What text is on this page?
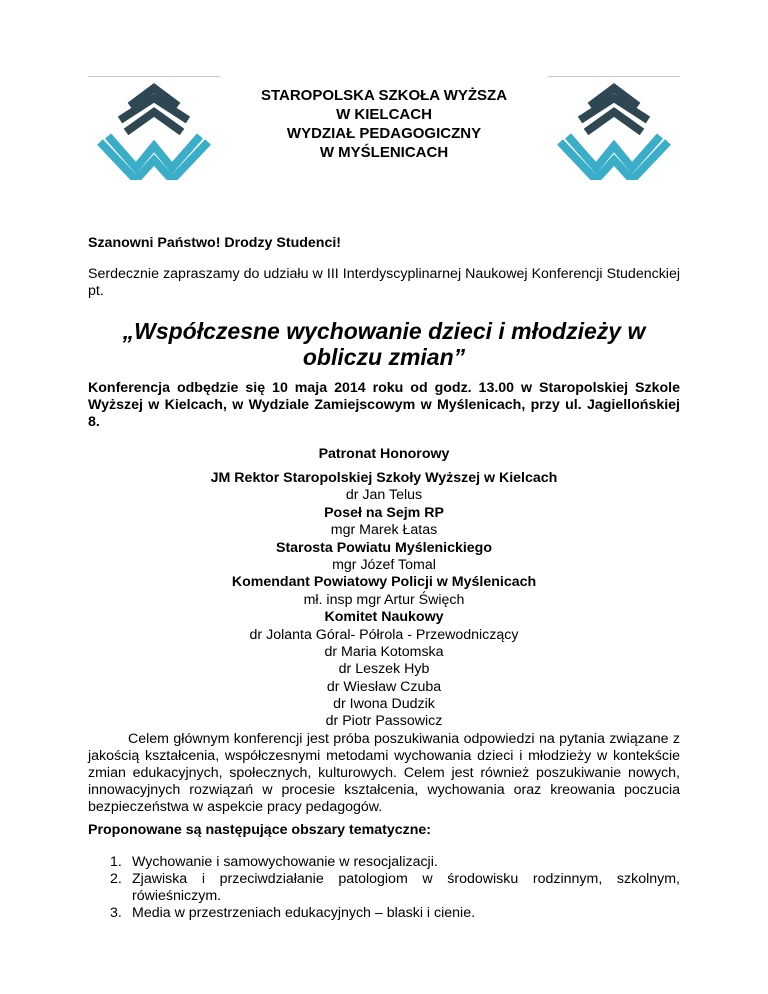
STAROPOLSKA SZKOŁA WYŻSZA
W KIELCACH
WYDZIAŁ PEDAGOGICZNY
W MYŚLENICACH
Szanowni Państwo! Drodzy Studenci!
Serdecznie zapraszamy do udziału w III Interdyscyplinarnej Naukowej Konferencji Studenckiej pt.
„Współczesne wychowanie dzieci i młodzieży w obliczu zmian”
Konferencja odbędzie się 10 maja 2014 roku od godz. 13.00 w Staropolskiej Szkole Wyższej w Kielcach, w Wydziale Zamiejscowym w Myślenicach, przy ul. Jagiellońskiej 8.
Patronat Honorowy
JM Rektor Staropolskiej Szkoły Wyższej w Kielcach
dr Jan Telus
Poseł na Sejm RP
mgr Marek Łatas
Starosta Powiatu Myślenickiego
mgr Józef Tomal
Komendant Powiatowy Policji w Myślenicach
mł. insp mgr Artur Święch
Komitet Naukowy
dr Jolanta Góral- Półrola - Przewodniczący
dr Maria Kotomska
dr Leszek Hyb
dr Wiesław Czuba
dr Iwona Dudzik
dr Piotr Passowicz
Celem głównym konferencji jest próba poszukiwania odpowiedzi na pytania związane z jakością kształcenia, współczesnymi metodami wychowania dzieci i młodzieży w kontekście zmian edukacyjnych, społecznych, kulturowych. Celem jest również poszukiwanie nowych, innowacyjnych rozwiązań w procesie kształcenia, wychowania oraz kreowania poczucia bezpieczeństwa w aspekcie pracy pedagogów.
Proponowane są następujące obszary tematyczne:
1. Wychowanie i samowychowanie w resocjalizacji.
2. Zjawiska i przeciwdziałanie patologiom w środowisku rodzinnym, szkolnym, rówieśniczym.
3. Media w przestrzeniach edukacyjnych – blaski i cienie.
